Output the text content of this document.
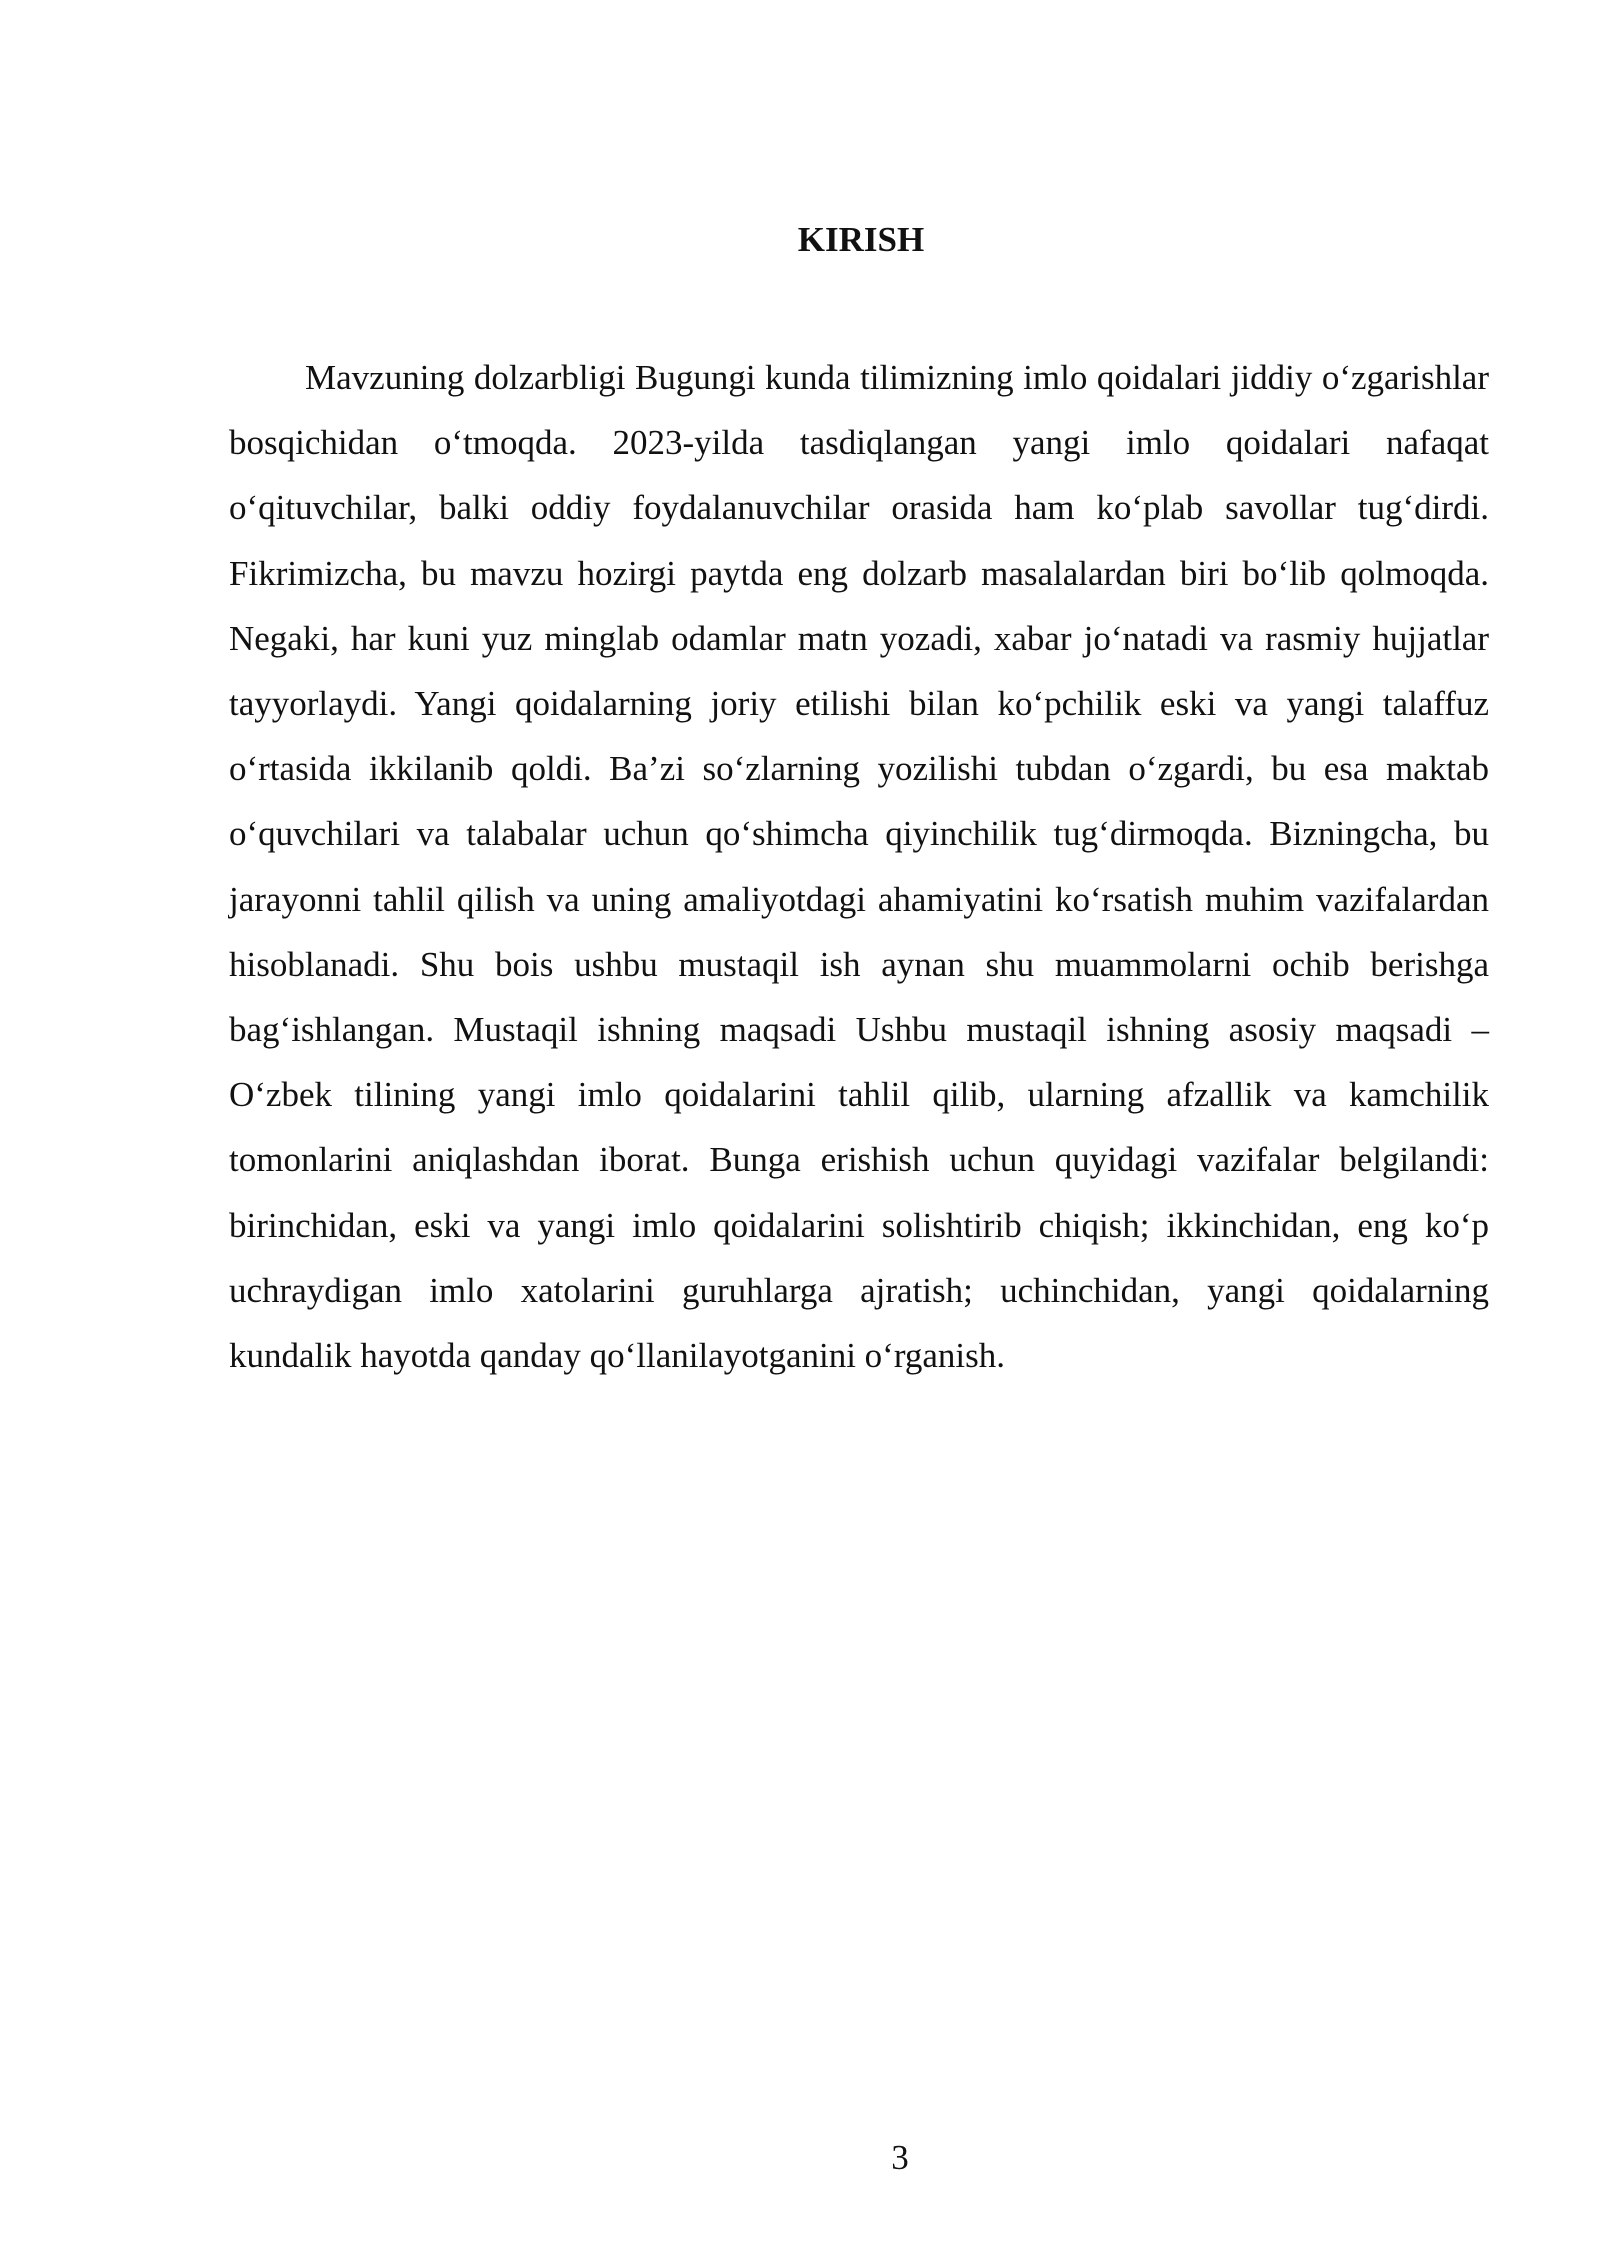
KIRISH

Mavzuning dolzarbligi Bugungi kunda tilimizning imlo qoidalari jiddiy o‘zgarishlar bosqichidan o‘tmoqda. 2023-yilda tasdiqlangan yangi imlo qoidalari nafaqat o‘qituvchilar, balki oddiy foydalanuvchilar orasida ham ko‘plab savollar tug‘dirdi. Fikrimizcha, bu mavzu hozirgi paytda eng dolzarb masalalardan biri bo‘lib qolmoqda. Negaki, har kuni yuz minglab odamlar matn yozadi, xabar jo‘natadi va rasmiy hujjatlar tayyorlaydi. Yangi qoidalarning joriy etilishi bilan ko‘pchilik eski va yangi talaffuz o‘rtasida ikkilanib qoldi. Ba’zi so‘zlarning yozilishi tubdan o‘zgardi, bu esa maktab o‘quvchilari va talabalar uchun qo‘shimcha qiyinchilik tug‘dirmoqda. Bizningcha, bu jarayonni tahlil qilish va uning amaliyotdagi ahamiyatini ko‘rsatish muhim vazifalardan hisoblanadi. Shu bois ushbu mustaqil ish aynan shu muammolarni ochib berishga bag‘ishlangan. Mustaqil ishning maqsadi Ushbu mustaqil ishning asosiy maqsadi – O‘zbek tilining yangi imlo qoidalarini tahlil qilib, ularning afzallik va kamchilik tomonlarini aniqlashdan iborat. Bunga erishish uchun quyidagi vazifalar belgilandi: birinchidan, eski va yangi imlo qoidalarini solishtirib chiqish; ikkinchidan, eng ko‘p uchraydigan imlo xatolarini guruhlarga ajratish; uchinchidan, yangi qoidalarning kundalik hayotda qanday qo‘llanilayotganini o‘rganish.

3
